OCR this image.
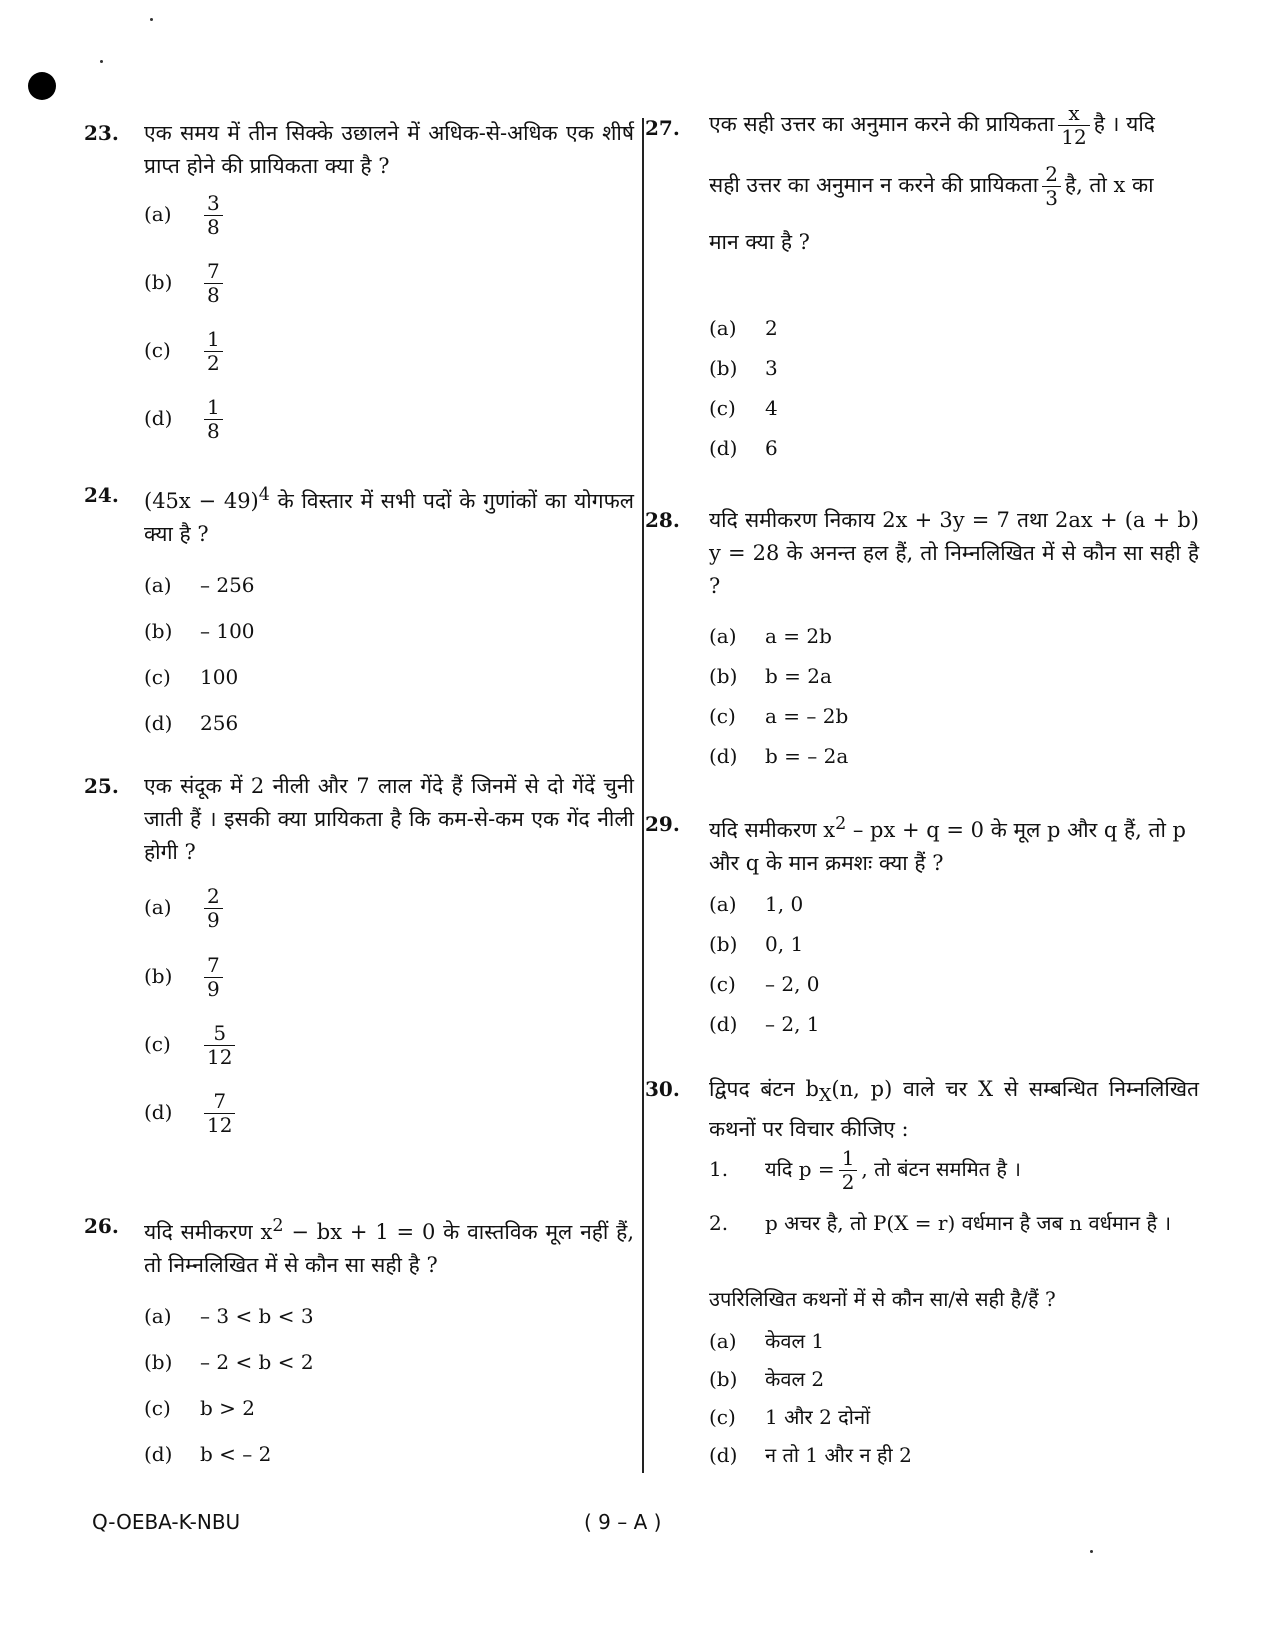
23. एक समय में तीन सिक्के उछालने में अधिक-से-अधिक एक शीर्ष प्राप्त होने की प्रायिकता क्या है ?
$(a) \frac{3}{8}$
$(b) \frac{7}{8}$
$(c) \frac{1}{2}$
$(d) \frac{1}{8}$
24. $(45x - 49)^4$ के विस्तार में सभी पदों के गुणांकों का योगफल क्या है ?
(a) – 256
(b) – 100
(c) 100
(d) 256
25. एक संदूक में 2 नीली और 7 लाल गेंदे हैं जिनमें से दो गेंदें चुनी जाती हैं । इसकी क्या प्रायिकता है कि कम-से-कम एक गेंद नीली होगी ?
$(a) \frac{2}{9}$
$(b) \frac{7}{9}$
$(c) \frac{5}{12}$
$(d) \frac{7}{12}$
26. यदि समीकरण $x^2$ − bx + 1 = 0 के वास्तविक मूल नहीं हैं, तो निम्नलिखित में से कौन सा सही है ?
(a) – 3 < b < 3
(b) – 2 < b < 2
(c) b > 2
(d) b < – 2
27. एक सही उत्तर का अनुमान करने की प्रायिकता $\frac{x}{12}$ है । यदि
सही उत्तर का अनुमान न करने की प्रायिकता $\frac{2}{3}$ है, तो x का
मान क्या है ?
(a) 2
(b) 3
(c) 4
(d) 6
28. यदि समीकरण निकाय 2x + 3y = 7 तथा 2ax + (a + b) y = 28 के अनन्त हल हैं, तो निम्नलिखित में से कौन सा सही है ?
(a) a = 2b
(b) b = 2a
(c) a = – 2b
(d) b = – 2a
29. यदि समीकरण $x^2$ – px + q = 0 के मूल p और q हैं, तो p और q के मान क्रमशः क्या हैं ?
(a) 1, 0
(b) 0, 1
(c) – 2, 0
(d) – 2, 1
30. द्विपद बंटन $b_X(n$, p) वाले चर X से सम्बन्धित निम्नलिखित कथनों पर विचार कीजिए :
1. यदि $p = \frac{1}{2}$ , तो बंटन सममित है ।
2. p अचर है, तो P(X = r) वर्धमान है जब n वर्धमान है ।
उपरिलिखित कथनों में से कौन सा/से सही है/हैं ?
(a) केवल 1
(b) केवल 2
(c) 1 और 2 दोनों
(d) न तो 1 और न ही 2
Q-OEBA-K-NBU	( 9 – A )
